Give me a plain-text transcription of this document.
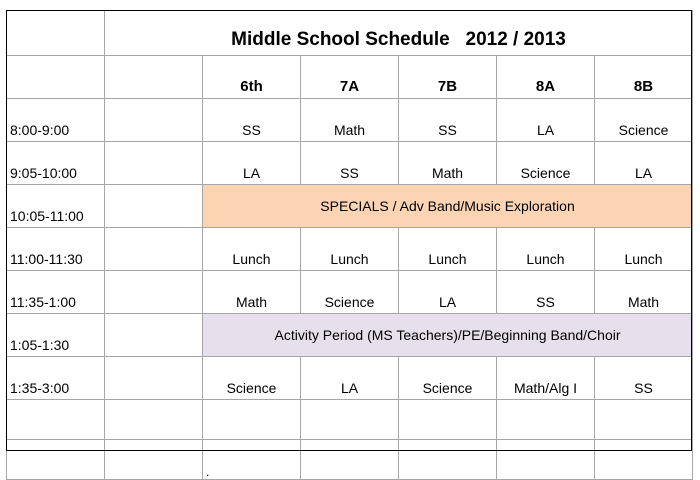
	Middle School Schedule   2012 / 2013					
		6th	7A	7B	8A	8B
8:00-9:00		SS	Math	SS	LA	Science
9:05-10:00		LA	SS	Math	Science	LA
10:05-11:00		SPECIALS / Adv Band/Music Exploration				
11:00-11:30		Lunch	Lunch	Lunch	Lunch	Lunch
11:35-1:00		Math	Science	LA	SS	Math
1:05-1:30		Activity Period (MS Teachers)/PE/Beginning Band/Choir				
1:35-3:00		Science	LA	Science	Math/Alg I	SS

		.				
